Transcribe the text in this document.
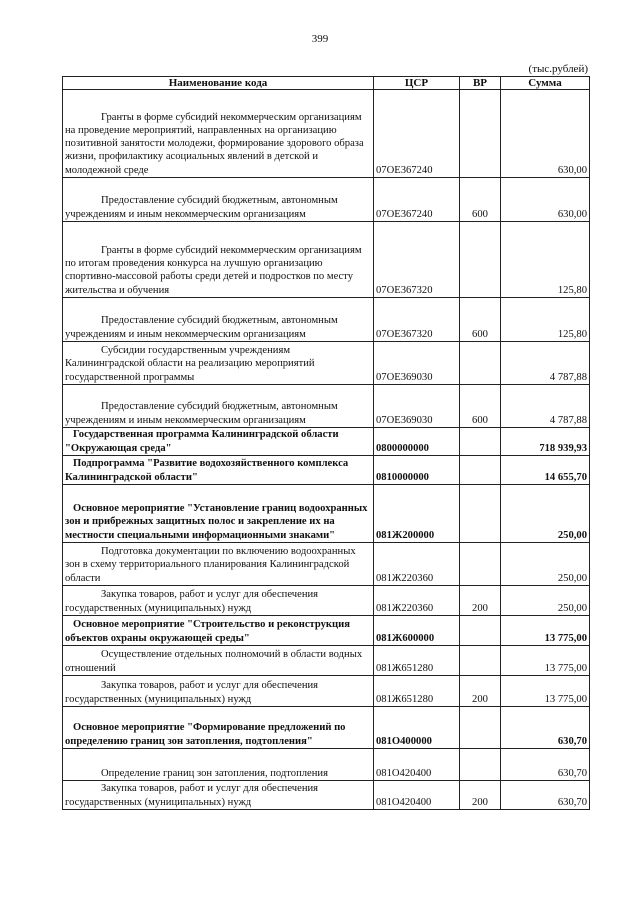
399
(тыс.рублей)
Наименование кода	ЦСР	ВР	Сумма
Гранты в форме субсидий некоммерческим организациям на проведение мероприятий, направленных на организацию позитивной занятости молодежи, формирование здорового образа жизни, профилактику асоциальных явлений в детской и молодежной среде	07ОЕ367240		630,00
Предоставление субсидий бюджетным, автономным учреждениям и иным некоммерческим организациям	07ОЕ367240	600	630,00
Гранты в форме субсидий некоммерческим организациям по итогам проведения конкурса на лучшую организацию спортивно-массовой работы среди детей и подростков по месту жительства и обучения	07ОЕ367320		125,80
Предоставление субсидий бюджетным, автономным учреждениям и иным некоммерческим организациям	07ОЕ367320	600	125,80
Субсидии государственным учреждениям Калининградской области на реализацию мероприятий государственной программы	07ОЕ369030		4 787,88
Предоставление субсидий бюджетным, автономным учреждениям и иным некоммерческим организациям	07ОЕ369030	600	4 787,88
Государственная программа Калининградской области "Окружающая среда"	0800000000		718 939,93
Подпрограмма "Развитие водохозяйственного комплекса Калининградской области"	0810000000		14 655,70
Основное мероприятие "Установление границ водоохранных зон и прибрежных защитных полос и закрепление их на местности специальными информационными знаками"	081Ж200000		250,00
Подготовка документации по включению водоохранных зон в схему территориального планирования Калининградской области	081Ж220360		250,00
Закупка товаров, работ и услуг для обеспечения государственных (муниципальных) нужд	081Ж220360	200	250,00
Основное мероприятие "Строительство и реконструкция объектов охраны окружающей среды"	081Ж600000		13 775,00
Осуществление отдельных полномочий в области водных отношений	081Ж651280		13 775,00
Закупка товаров, работ и услуг для обеспечения государственных (муниципальных) нужд	081Ж651280	200	13 775,00
Основное мероприятие "Формирование предложений по определению границ зон затопления, подтопления"	081О400000		630,70
Определение границ зон затопления, подтопления	081О420400		630,70
Закупка товаров, работ и услуг для обеспечения государственных (муниципальных) нужд	081О420400	200	630,70
